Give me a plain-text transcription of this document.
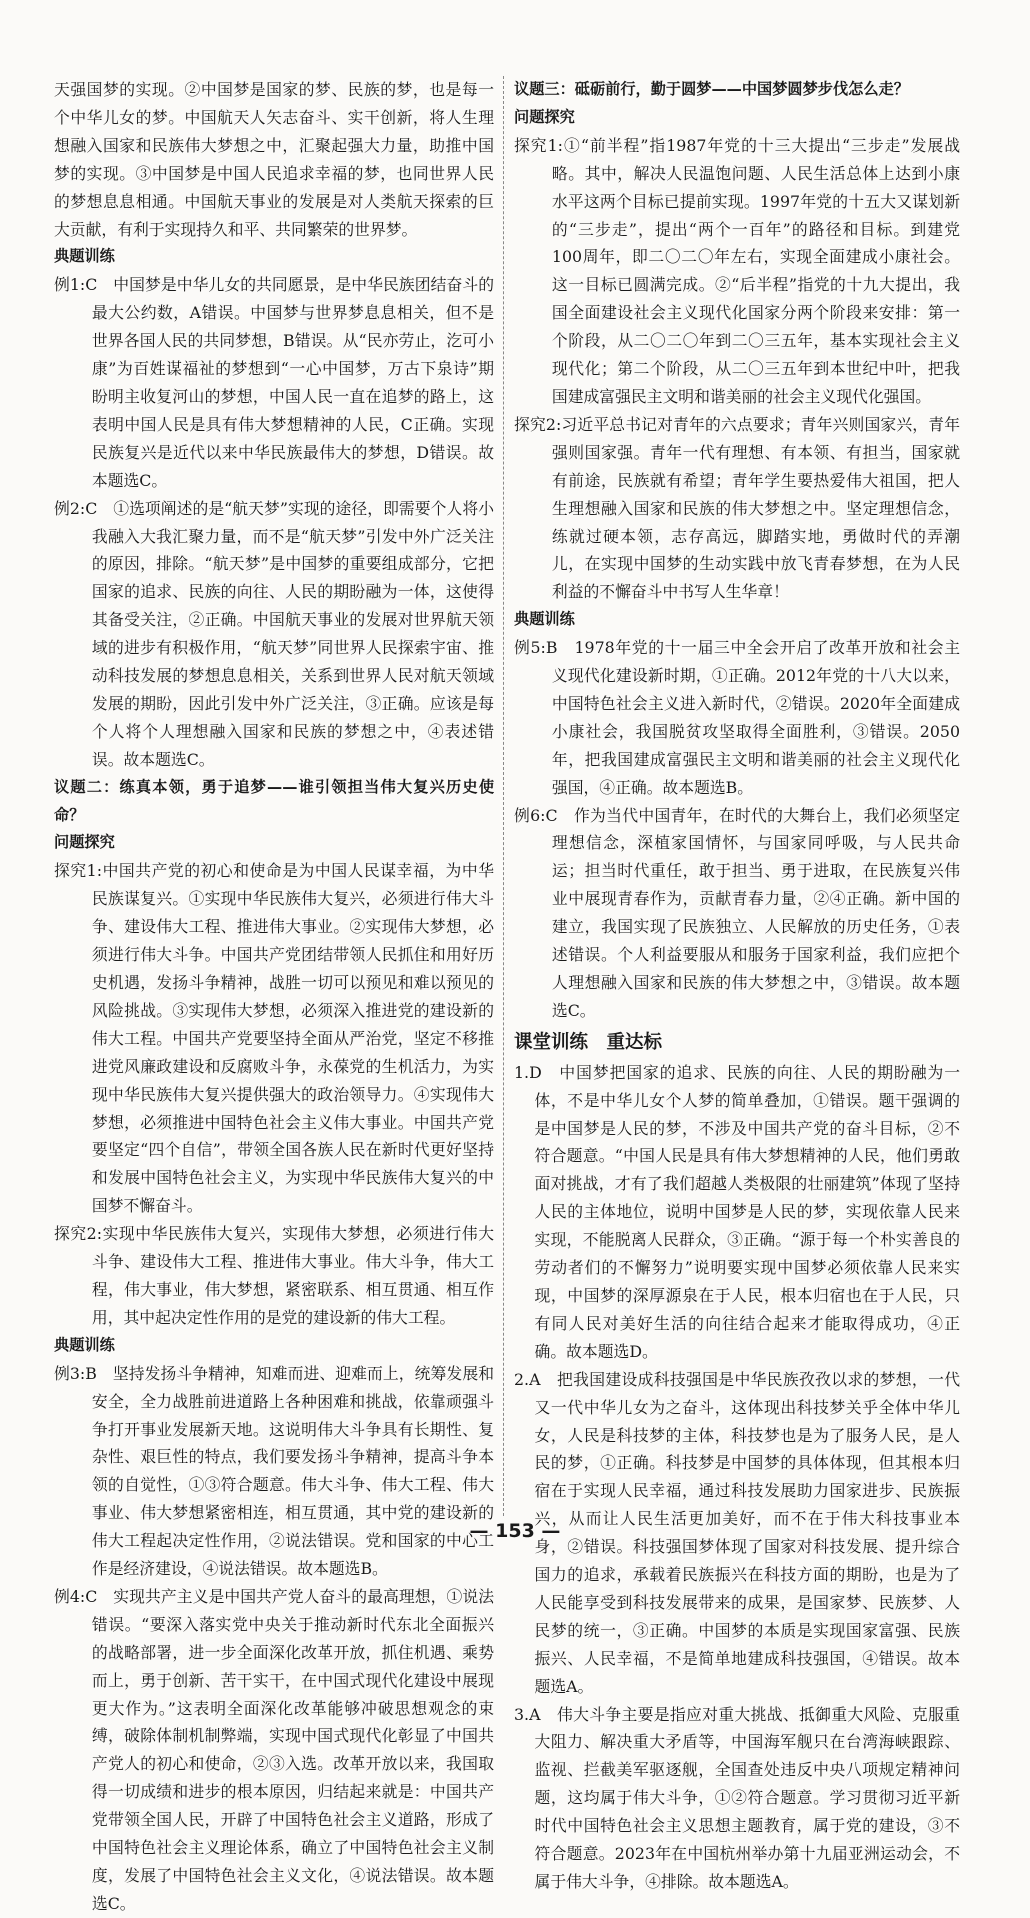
天强国梦的实现。②中国梦是国家的梦、民族的梦，也是每一个中华儿女的梦。中国航天人矢志奋斗、实干创新，将人生理想融入国家和民族伟大梦想之中，汇聚起强大力量，助推中国梦的实现。③中国梦是中国人民追求幸福的梦，也同世界人民的梦想息息相通。中国航天事业的发展是对人类航天探索的巨大贡献，有利于实现持久和平、共同繁荣的世界梦。

典题训练

例1:C　中国梦是中华儿女的共同愿景，是中华民族团结奋斗的最大公约数，A错误。中国梦与世界梦息息相关，但不是世界各国人民的共同梦想，B错误。从“民亦劳止，汔可小康”为百姓谋福祉的梦想到“一心中国梦，万古下泉诗”期盼明主收复河山的梦想，中国人民一直在追梦的路上，这表明中国人民是具有伟大梦想精神的人民，C正确。实现民族复兴是近代以来中华民族最伟大的梦想，D错误。故本题选C。

例2:C　①选项阐述的是“航天梦”实现的途径，即需要个人将小我融入大我汇聚力量，而不是“航天梦”引发中外广泛关注的原因，排除。“航天梦”是中国梦的重要组成部分，它把国家的追求、民族的向往、人民的期盼融为一体，这使得其备受关注，②正确。中国航天事业的发展对世界航天领域的进步有积极作用，“航天梦”同世界人民探索宇宙、推动科技发展的梦想息息相关，关系到世界人民对航天领域发展的期盼，因此引发中外广泛关注，③正确。应该是每个人将个人理想融入国家和民族的梦想之中，④表述错误。故本题选C。

议题二：练真本领，勇于追梦——谁引领担当伟大复兴历史使命？

问题探究

探究1:中国共产党的初心和使命是为中国人民谋幸福，为中华民族谋复兴。①实现中华民族伟大复兴，必须进行伟大斗争、建设伟大工程、推进伟大事业。②实现伟大梦想，必须进行伟大斗争。中国共产党团结带领人民抓住和用好历史机遇，发扬斗争精神，战胜一切可以预见和难以预见的风险挑战。③实现伟大梦想，必须深入推进党的建设新的伟大工程。中国共产党要坚持全面从严治党，坚定不移推进党风廉政建设和反腐败斗争，永葆党的生机活力，为实现中华民族伟大复兴提供强大的政治领导力。④实现伟大梦想，必须推进中国特色社会主义伟大事业。中国共产党要坚定“四个自信”，带领全国各族人民在新时代更好坚持和发展中国特色社会主义，为实现中华民族伟大复兴的中国梦不懈奋斗。

探究2:实现中华民族伟大复兴，实现伟大梦想，必须进行伟大斗争、建设伟大工程、推进伟大事业。伟大斗争，伟大工程，伟大事业，伟大梦想，紧密联系、相互贯通、相互作用，其中起决定性作用的是党的建设新的伟大工程。

典题训练

例3:B　坚持发扬斗争精神，知难而进、迎难而上，统筹发展和安全，全力战胜前进道路上各种困难和挑战，依靠顽强斗争打开事业发展新天地。这说明伟大斗争具有长期性、复杂性、艰巨性的特点，我们要发扬斗争精神，提高斗争本领的自觉性，①③符合题意。伟大斗争、伟大工程、伟大事业、伟大梦想紧密相连，相互贯通，其中党的建设新的伟大工程起决定性作用，②说法错误。党和国家的中心工作是经济建设，④说法错误。故本题选B。

例4:C　实现共产主义是中国共产党人奋斗的最高理想，①说法错误。“要深入落实党中央关于推动新时代东北全面振兴的战略部署，进一步全面深化改革开放，抓住机遇、乘势而上，勇于创新、苦干实干，在中国式现代化建设中展现更大作为。”这表明全面深化改革能够冲破思想观念的束缚，破除体制机制弊端，实现中国式现代化彰显了中国共产党人的初心和使命，②③入选。改革开放以来，我国取得一切成绩和进步的根本原因，归结起来就是：中国共产党带领全国人民，开辟了中国特色社会主义道路，形成了中国特色社会主义理论体系，确立了中国特色社会主义制度，发展了中国特色社会主义文化，④说法错误。故本题选C。

议题三：砥砺前行，勤于圆梦——中国梦圆梦步伐怎么走？

问题探究

探究1:①“前半程”指1987年党的十三大提出“三步走”发展战略。其中，解决人民温饱问题、人民生活总体上达到小康水平这两个目标已提前实现。1997年党的十五大又谋划新的“三步走”，提出“两个一百年”的路径和目标。到建党100周年，即二〇二〇年左右，实现全面建成小康社会。这一目标已圆满完成。②“后半程”指党的十九大提出，我国全面建设社会主义现代化国家分两个阶段来安排：第一个阶段，从二〇二〇年到二〇三五年，基本实现社会主义现代化；第二个阶段，从二〇三五年到本世纪中叶，把我国建成富强民主文明和谐美丽的社会主义现代化强国。

探究2:习近平总书记对青年的六点要求；青年兴则国家兴，青年强则国家强。青年一代有理想、有本领、有担当，国家就有前途，民族就有希望；青年学生要热爱伟大祖国，把人生理想融入国家和民族的伟大梦想之中。坚定理想信念，练就过硬本领，志存高远，脚踏实地，勇做时代的弄潮儿，在实现中国梦的生动实践中放飞青春梦想，在为人民利益的不懈奋斗中书写人生华章！

典题训练

例5:B　1978年党的十一届三中全会开启了改革开放和社会主义现代化建设新时期，①正确。2012年党的十八大以来，中国特色社会主义进入新时代，②错误。2020年全面建成小康社会，我国脱贫攻坚取得全面胜利，③错误。2050年，把我国建成富强民主文明和谐美丽的社会主义现代化强国，④正确。故本题选B。

例6:C　作为当代中国青年，在时代的大舞台上，我们必须坚定理想信念，深植家国情怀，与国家同呼吸，与人民共命运；担当时代重任，敢于担当、勇于进取，在民族复兴伟业中展现青春作为，贡献青春力量，②④正确。新中国的建立，我国实现了民族独立、人民解放的历史任务，①表述错误。个人利益要服从和服务于国家利益，我们应把个人理想融入国家和民族的伟大梦想之中，③错误。故本题选C。

课堂训练　重达标

1.D　中国梦把国家的追求、民族的向往、人民的期盼融为一体，不是中华儿女个人梦的简单叠加，①错误。题干强调的是中国梦是人民的梦，不涉及中国共产党的奋斗目标，②不符合题意。“中国人民是具有伟大梦想精神的人民，他们勇敢面对挑战，才有了我们超越人类极限的壮丽建筑”体现了坚持人民的主体地位，说明中国梦是人民的梦，实现依靠人民来实现，不能脱离人民群众，③正确。“源于每一个朴实善良的劳动者们的不懈努力”说明要实现中国梦必须依靠人民来实现，中国梦的深厚源泉在于人民，根本归宿也在于人民，只有同人民对美好生活的向往结合起来才能取得成功，④正确。故本题选D。

2.A　把我国建设成科技强国是中华民族孜孜以求的梦想，一代又一代中华儿女为之奋斗，这体现出科技梦关乎全体中华儿女，人民是科技梦的主体，科技梦也是为了服务人民，是人民的梦，①正确。科技梦是中国梦的具体体现，但其根本归宿在于实现人民幸福，通过科技发展助力国家进步、民族振兴，从而让人民生活更加美好，而不在于伟大科技事业本身，②错误。科技强国梦体现了国家对科技发展、提升综合国力的追求，承载着民族振兴在科技方面的期盼，也是为了人民能享受到科技发展带来的成果，是国家梦、民族梦、人民梦的统一，③正确。中国梦的本质是实现国家富强、民族振兴、人民幸福，不是简单地建成科技强国，④错误。故本题选A。

3.A　伟大斗争主要是指应对重大挑战、抵御重大风险、克服重大阻力、解决重大矛盾等，中国海军舰只在台湾海峡跟踪、监视、拦截美军驱逐舰，全国查处违反中央八项规定精神问题，这均属于伟大斗争，①②符合题意。学习贯彻习近平新时代中国特色社会主义思想主题教育，属于党的建设，③不符合题意。2023年在中国杭州举办第十九届亚洲运动会，不属于伟大斗争，④排除。故本题选A。

— 153 —
